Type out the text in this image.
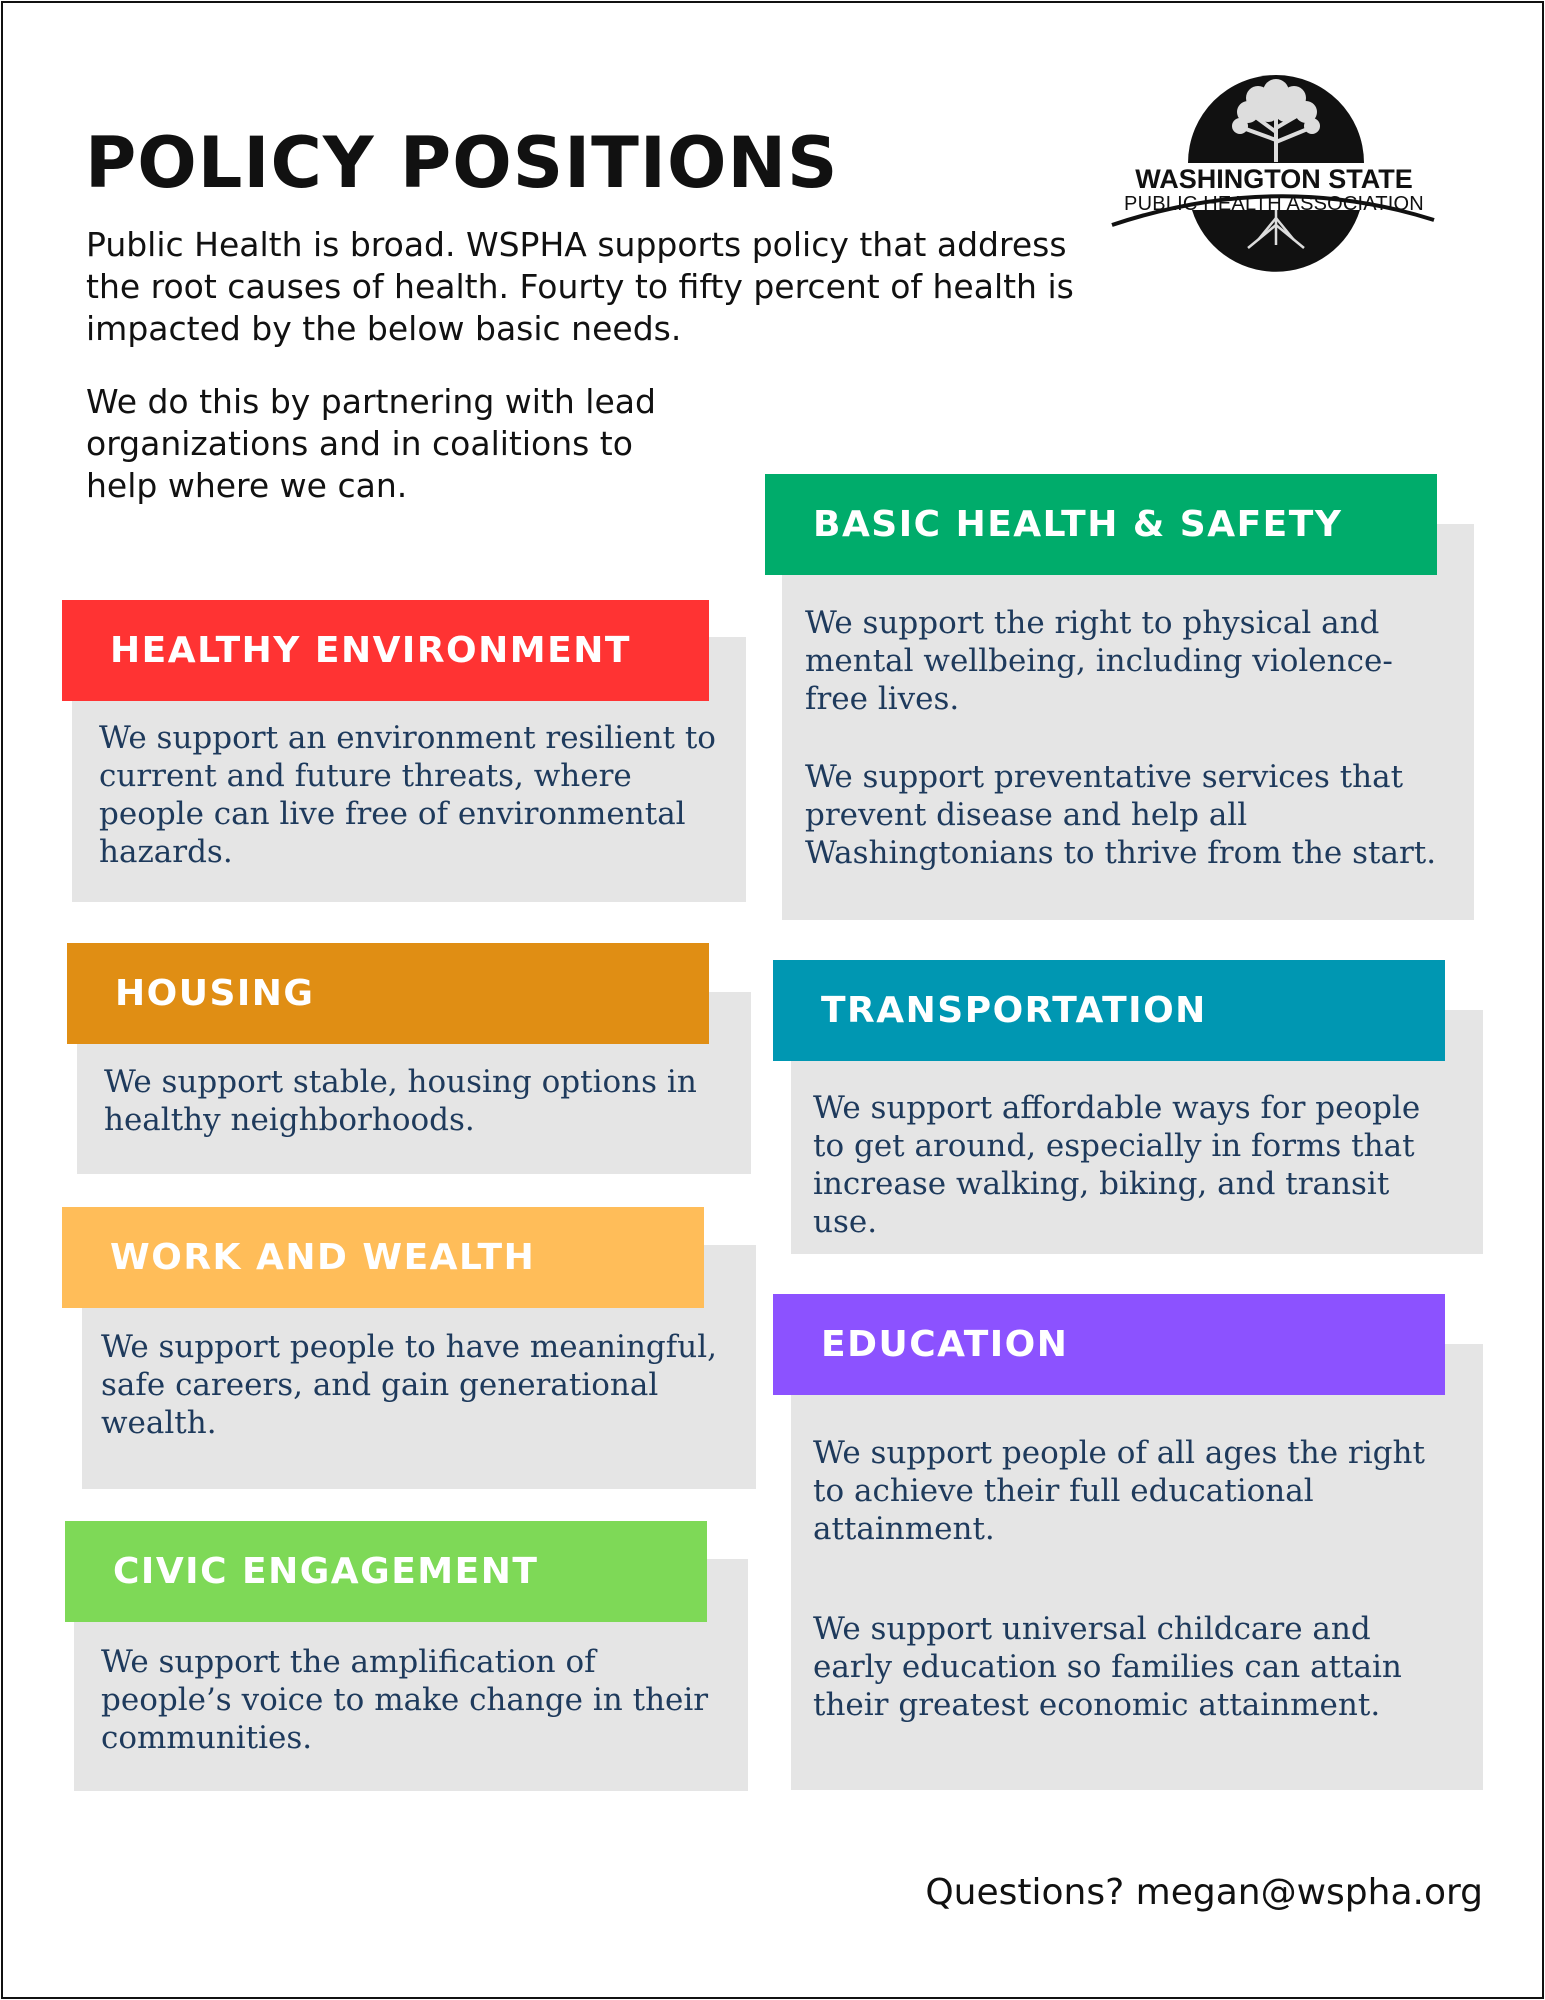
POLICY POSITIONS

Public Health is broad. WSPHA supports policy that address the root causes of health. Fourty to fifty percent of health is impacted by the below basic needs.

We do this by partnering with lead organizations and in coalitions to help where we can.

WASHINGTON STATE
PUBLIC HEALTH ASSOCIATION
HEALTHY ENVIRONMENT

We support an environment resilient to current and future threats, where people can live free of environmental hazards.

HOUSING

We support stable, housing options in healthy neighborhoods.

WORK AND WEALTH

We support people to have meaningful, safe careers, and gain generational wealth.

CIVIC ENGAGEMENT

We support the amplification of people’s voice to make change in their communities.

BASIC HEALTH & SAFETY

We support the right to physical and mental wellbeing, including violence-free lives.

We support preventative services that prevent disease and help all Washingtonians to thrive from the start.

TRANSPORTATION

We support affordable ways for people to get around, especially in forms that increase walking, biking, and transit use.

EDUCATION

We support people of all ages the right to achieve their full educational attainment.

We support universal childcare and early education so families can attain their greatest economic attainment.

Questions? megan@wspha.org
